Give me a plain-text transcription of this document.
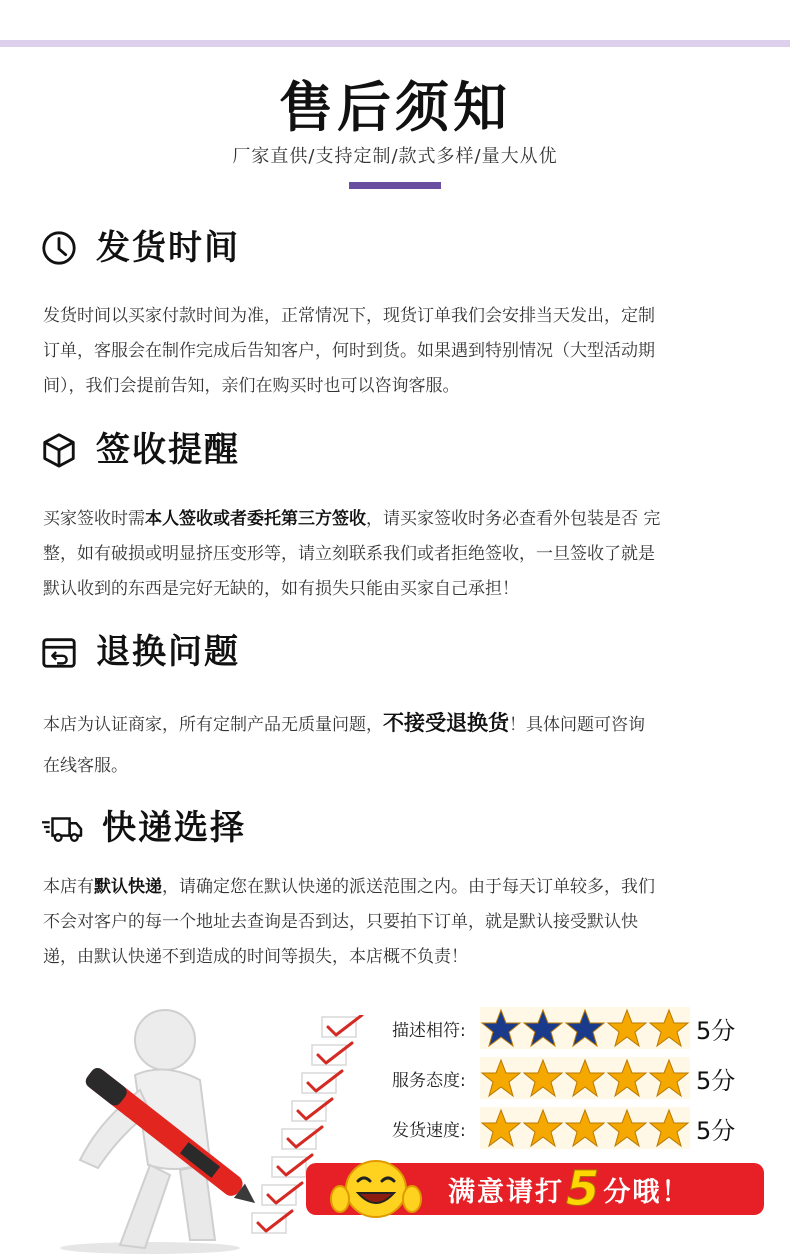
售后须知
厂家直供/支持定制/款式多样/量大从优
发货时间
发货时间以买家付款时间为准，正常情况下，现货订单我们会安排当天发出，定制
订单，客服会在制作完成后告知客户，何时到货。如果遇到特别情况（大型活动期
间），我们会提前告知，亲们在购买时也可以咨询客服。
签收提醒
买家签收时需本人签收或者委托第三方签收，请买家签收时务必查看外包装是否 完
整，如有破损或明显挤压变形等，请立刻联系我们或者拒绝签收，一旦签收了就是
默认收到的东西是完好无缺的，如有损失只能由买家自己承担！
退换问题
本店为认证商家，所有定制产品无质量问题，不接受退换货！具体问题可咨询
在线客服。
快递选择
本店有默认快递，请确定您在默认快递的派送范围之内。由于每天订单较多，我们
不会对客户的每一个地址去查询是否到达，只要拍下订单，就是默认接受默认快
递，由默认快递不到造成的时间等损失，本店概不负责！
描述相符:	5分
服务态度:	5分
发货速度:	5分
满意请打 5 分哦！
